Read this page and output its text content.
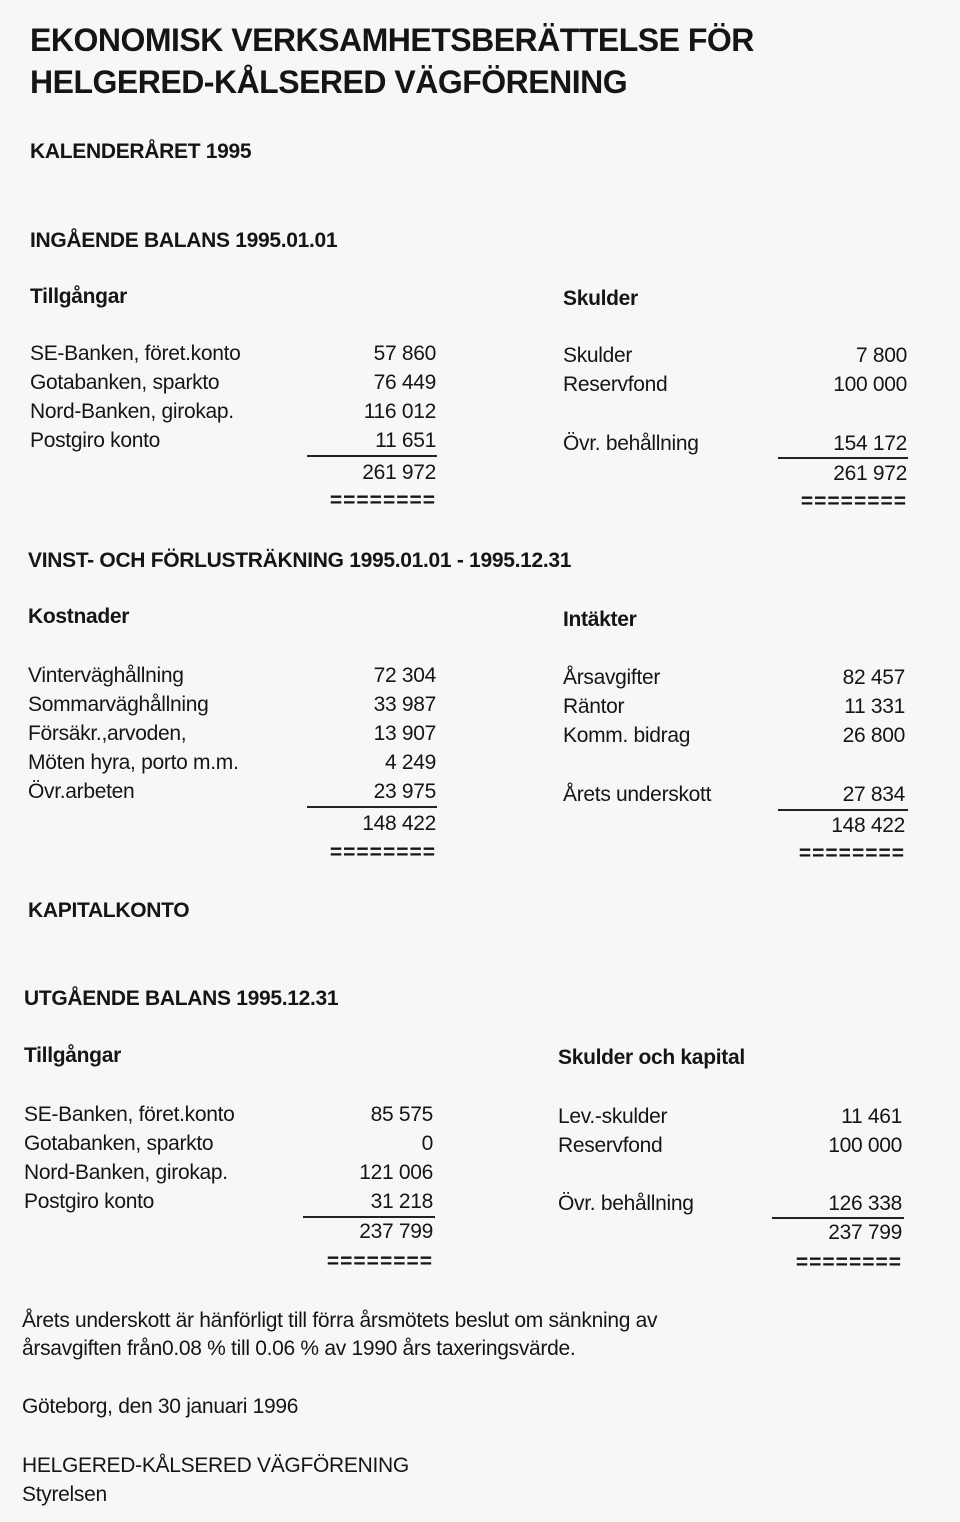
EKONOMISK VERKSAMHETSBERÄTTELSE FÖR
HELGERED-KÅLSERED VÄGFÖRENING
KALENDERÅRET 1995
INGÅENDE BALANS 1995.01.01
Tillgångar	Skulder
SE-Banken, föret.konto	57 860
Gotabanken, sparkto	76 449
Nord-Banken, girokap.	116 012
Postgiro konto	11 651
261 972
========
Skulder	7 800
Reservfond	100 000
Övr. behållning	154 172
261 972
========
VINST- OCH FÖRLUSTRÄKNING 1995.01.01 - 1995.12.31
Kostnader	Intäkter
Vinterväghållning	72 304
Sommarväghållning	33 987
Försäkr.,arvoden,	13 907
Möten hyra, porto m.m.	4 249
Övr.arbeten	23 975
148 422
========
Årsavgifter	82 457
Räntor	11 331
Komm. bidrag	26 800
Årets underskott	27 834
148 422
========
KAPITALKONTO
UTGÅENDE BALANS 1995.12.31
Tillgångar	Skulder och kapital
SE-Banken, föret.konto	85 575
Gotabanken, sparkto	0
Nord-Banken, girokap.	121 006
Postgiro konto	31 218
237 799
========
Lev.-skulder	11 461
Reservfond	100 000
Övr. behållning	126 338
237 799
========
Årets underskott är hänförligt till förra årsmötets beslut om sänkning av
årsavgiften från0.08 % till 0.06 % av 1990 års taxeringsvärde.
Göteborg, den 30 januari 1996
HELGERED-KÅLSERED VÄGFÖRENING
Styrelsen
